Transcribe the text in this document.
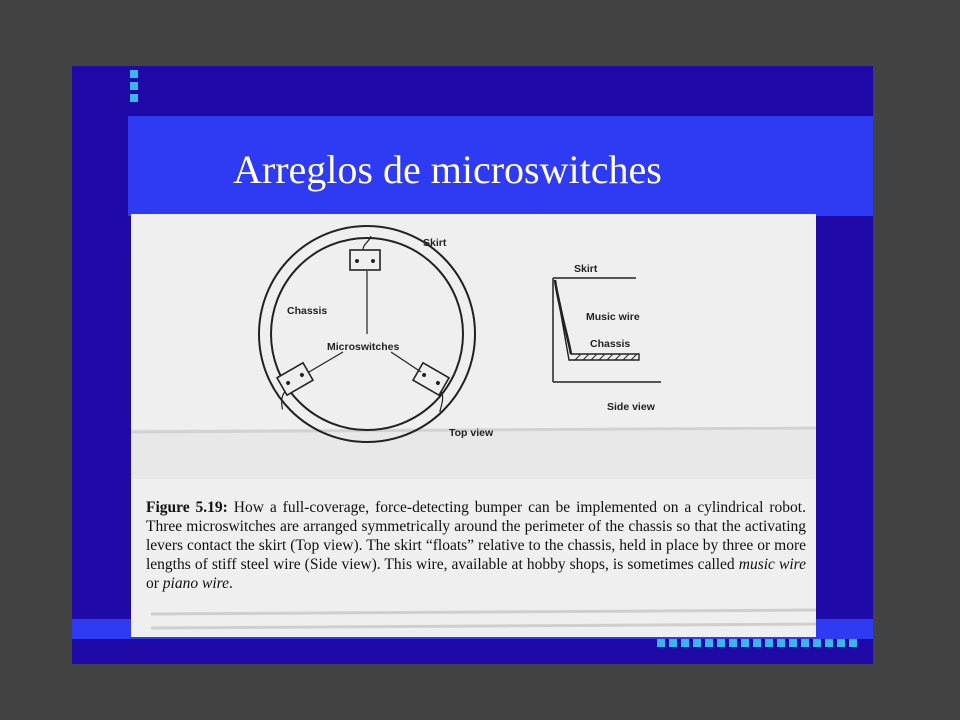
Arreglos de microswitches
Skirt
Chassis
Microswitches
Top view
Skirt
Music wire
Chassis
Side view

Figure 5.19: How a full-coverage, force-detecting bumper can be implemented on a cylindrical robot. Three microswitches are arranged symmetrically around the perimeter of the chassis so that the activating levers contact the skirt (Top view). The skirt “floats” relative to the chassis, held in place by three or more lengths of stiff steel wire (Side view). This wire, available at hobby shops, is sometimes called music wire or piano wire.
